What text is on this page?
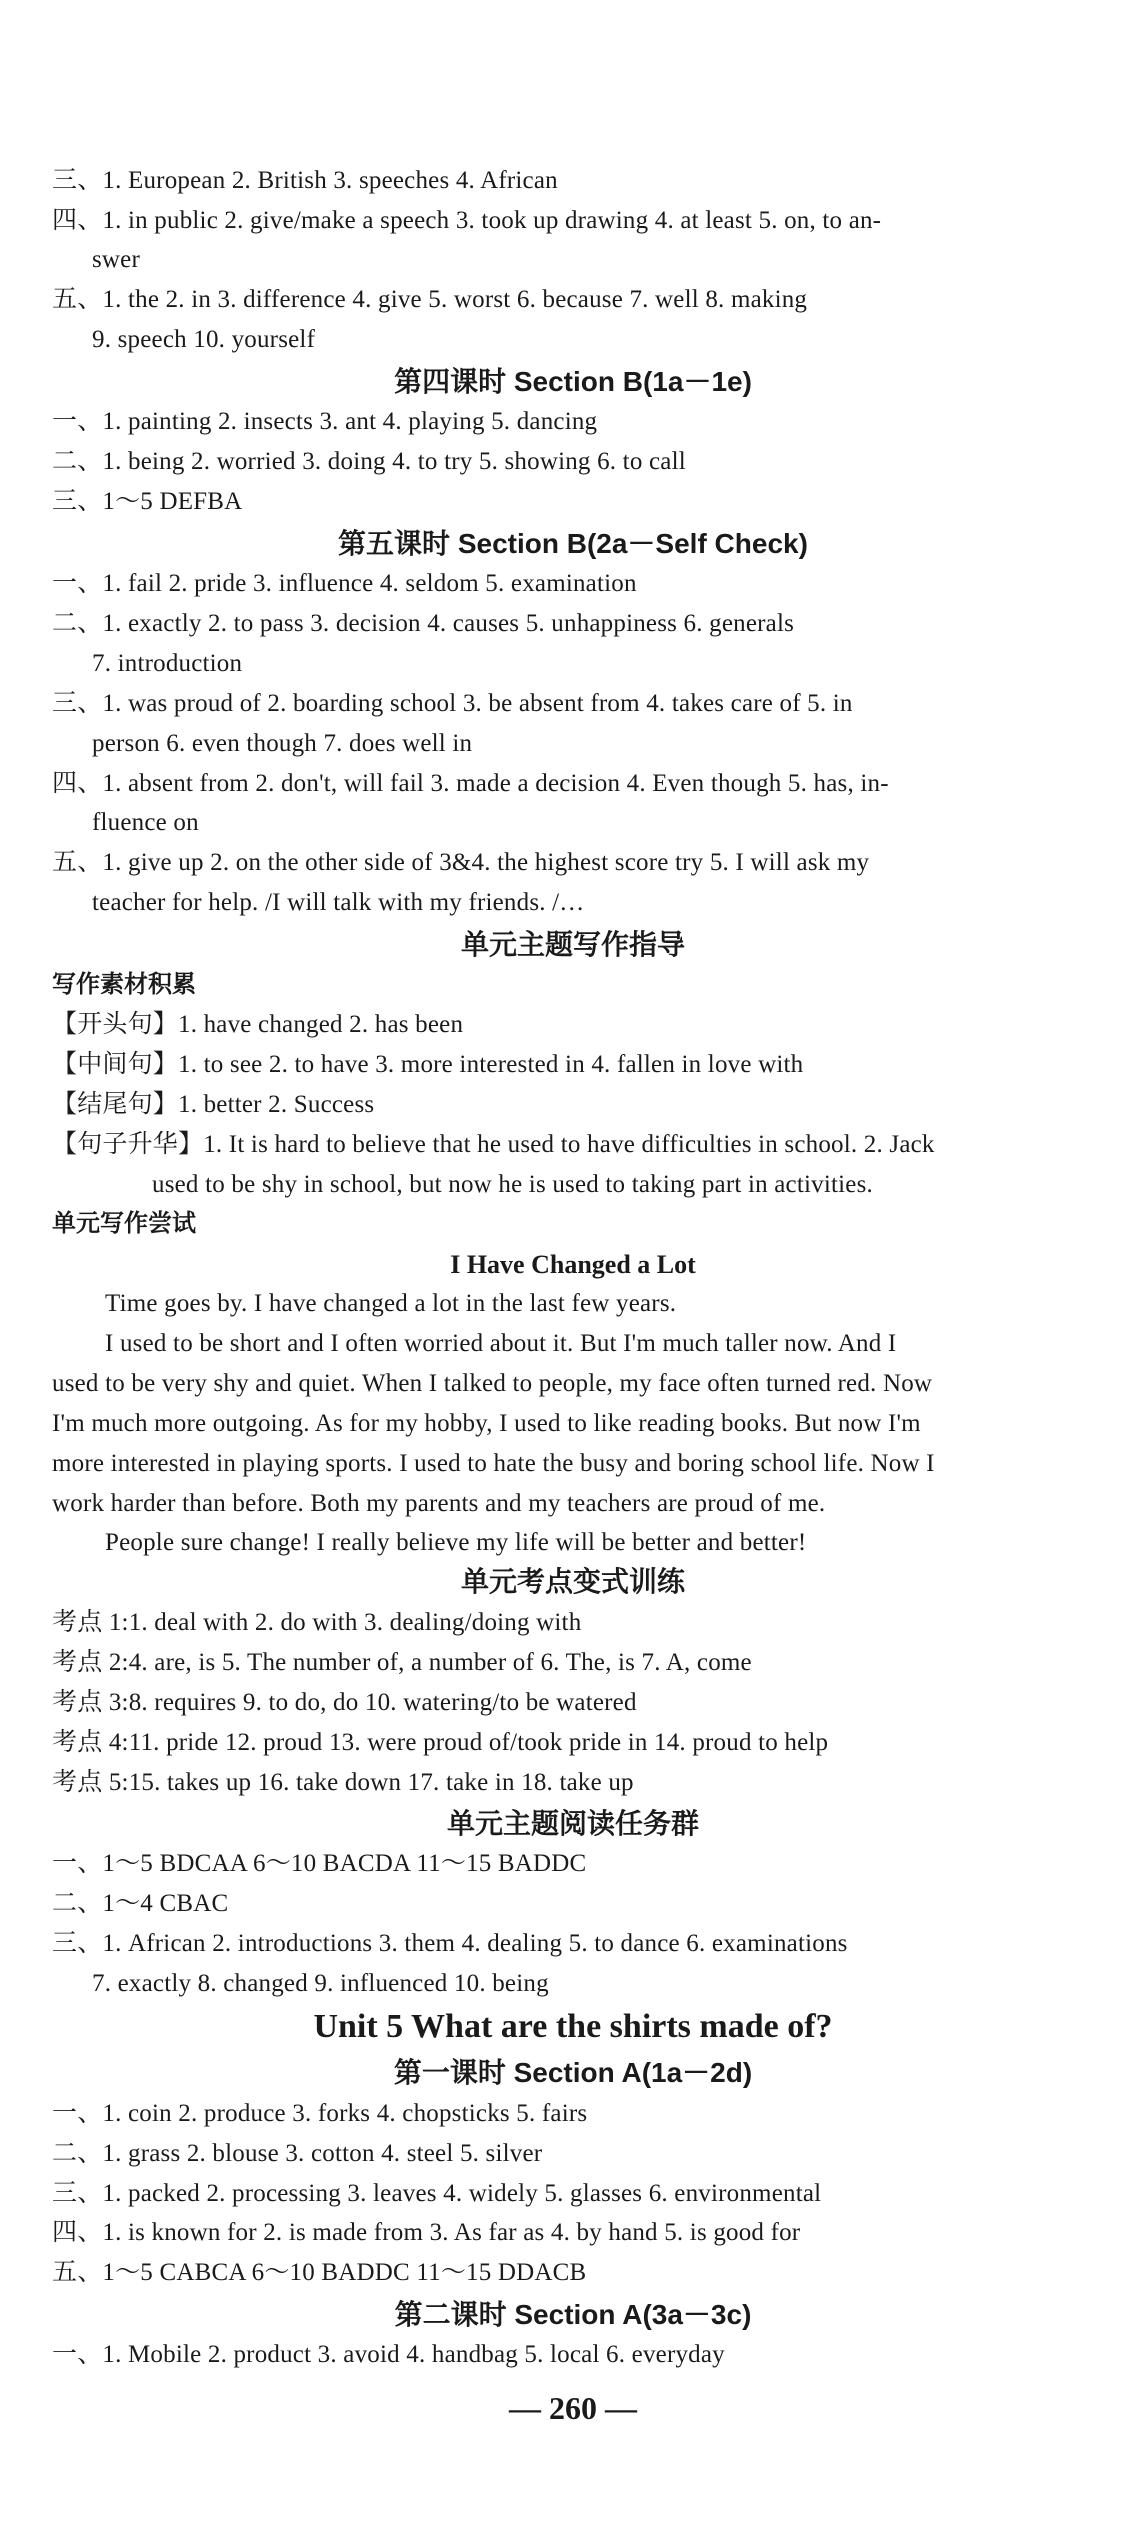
三、1. European 2. British 3. speeches 4. African
四、1. in public 2. give/make a speech 3. took up drawing 4. at least 5. on, to an-
swer
五、1. the 2. in 3. difference 4. give 5. worst 6. because 7. well 8. making
9. speech 10. yourself
第四课时 Section B(1a－1e)
一、1. painting 2. insects 3. ant 4. playing 5. dancing
二、1. being 2. worried 3. doing 4. to try 5. showing 6. to call
三、1～5 DEFBA
第五课时 Section B(2a－Self Check)
一、1. fail 2. pride 3. influence 4. seldom 5. examination
二、1. exactly 2. to pass 3. decision 4. causes 5. unhappiness 6. generals
7. introduction
三、1. was proud of 2. boarding school 3. be absent from 4. takes care of 5. in
person 6. even though 7. does well in
四、1. absent from 2. don't, will fail 3. made a decision 4. Even though 5. has, in-
fluence on
五、1. give up 2. on the other side of 3&4. the highest score try 5. I will ask my
teacher for help. /I will talk with my friends. /…
单元主题写作指导
写作素材积累
【开头句】1. have changed 2. has been
【中间句】1. to see 2. to have 3. more interested in 4. fallen in love with
【结尾句】1. better 2. Success
【句子升华】1. It is hard to believe that he used to have difficulties in school. 2. Jack
used to be shy in school, but now he is used to taking part in activities.
单元写作尝试
I Have Changed a Lot
Time goes by. I have changed a lot in the last few years.
I used to be short and I often worried about it. But I'm much taller now. And I
used to be very shy and quiet. When I talked to people, my face often turned red. Now
I'm much more outgoing. As for my hobby, I used to like reading books. But now I'm
more interested in playing sports. I used to hate the busy and boring school life. Now I
work harder than before. Both my parents and my teachers are proud of me.
People sure change! I really believe my life will be better and better!
单元考点变式训练
考点 1:1. deal with 2. do with 3. dealing/doing with
考点 2:4. are, is 5. The number of, a number of 6. The, is 7. A, come
考点 3:8. requires 9. to do, do 10. watering/to be watered
考点 4:11. pride 12. proud 13. were proud of/took pride in 14. proud to help
考点 5:15. takes up 16. take down 17. take in 18. take up
单元主题阅读任务群
一、1～5 BDCAA 6～10 BACDA 11～15 BADDC
二、1～4 CBAC
三、1. African 2. introductions 3. them 4. dealing 5. to dance 6. examinations
7. exactly 8. changed 9. influenced 10. being
Unit 5 What are the shirts made of?
第一课时 Section A(1a－2d)
一、1. coin 2. produce 3. forks 4. chopsticks 5. fairs
二、1. grass 2. blouse 3. cotton 4. steel 5. silver
三、1. packed 2. processing 3. leaves 4. widely 5. glasses 6. environmental
四、1. is known for 2. is made from 3. As far as 4. by hand 5. is good for
五、1～5 CABCA 6～10 BADDC 11～15 DDACB
第二课时 Section A(3a－3c)
一、1. Mobile 2. product 3. avoid 4. handbag 5. local 6. everyday
— 260 —
